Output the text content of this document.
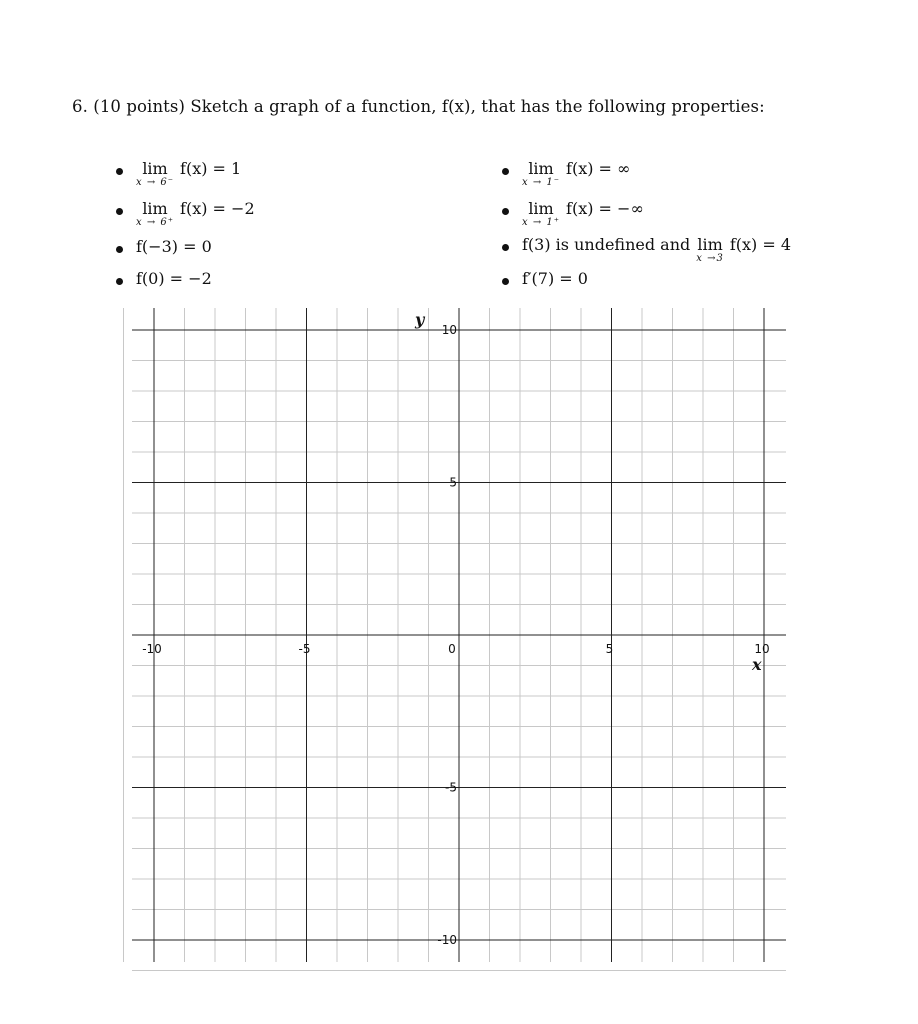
6. (10 points) Sketch a graph of a function, f(x), that has the following properties:
lim
x → 6⁻
f(x) = 1
lim
x → 6⁺
f(x) = −2
f(−3) = 0
f(0) = −2
lim
x → 1⁻
f(x) = ∞
lim
x → 1⁺
f(x) = −∞
f(3) is undefined and lim
x →3
f(x) = 4
f′(7) = 0
-10	-5	0	5	10
10
5
-5
-10
x
y
